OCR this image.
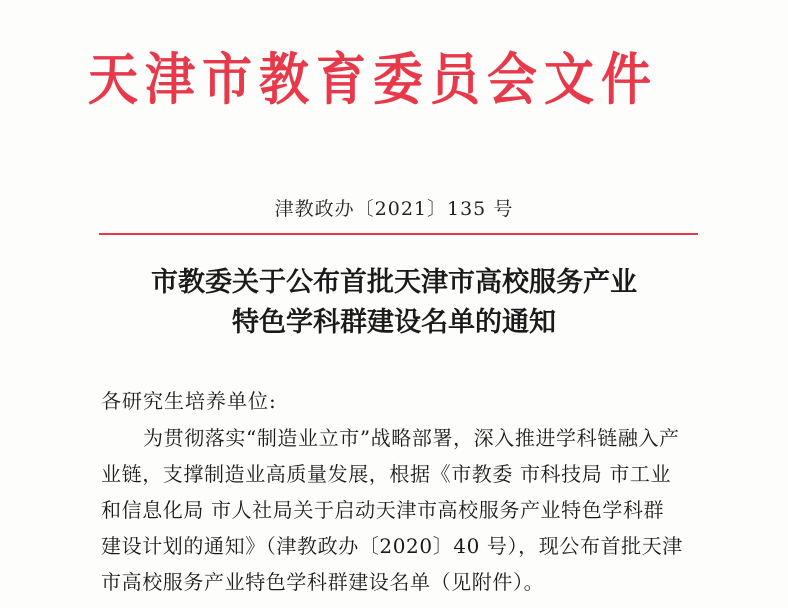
天津市教育委员会文件
津教政办〔2021〕135 号
市教委关于公布首批天津市高校服务产业
特色学科群建设名单的通知
各研究生培养单位:
为贯彻落实“制造业立市”战略部署，深入推进学科链融入产
业链，支撑制造业高质量发展，根据《市教委 市科技局 市工业
和信息化局 市人社局关于启动天津市高校服务产业特色学科群
建设计划的通知》（津教政办〔2020〕40 号），现公布首批天津
市高校服务产业特色学科群建设名单（见附件）。
